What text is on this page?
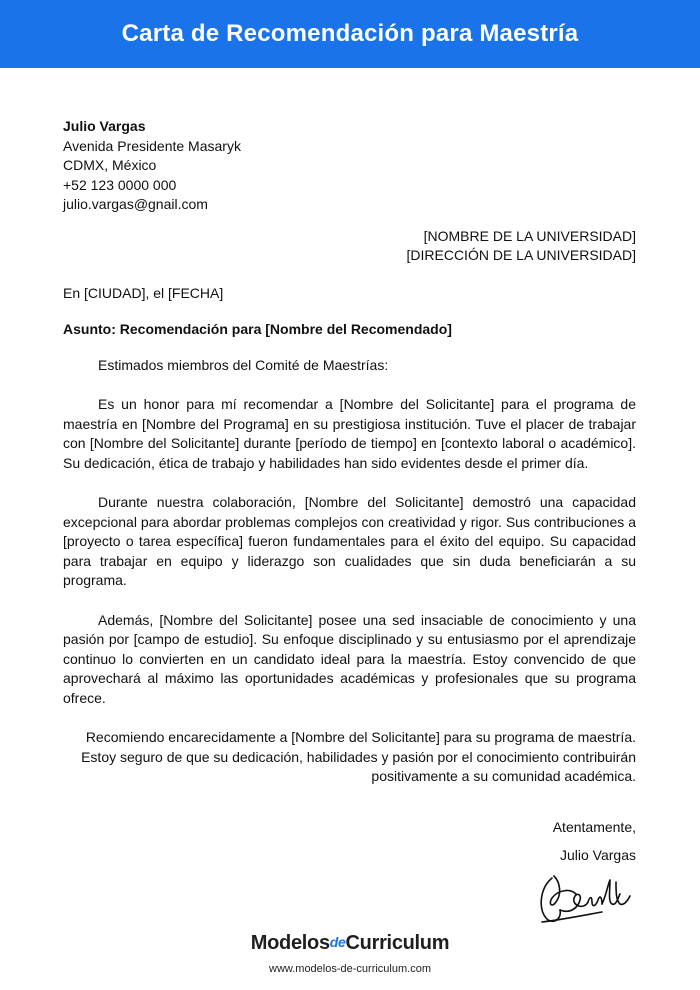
Carta de Recomendación para Maestría
Julio Vargas
Avenida Presidente Masaryk
CDMX, México
+52 123 0000 000
julio.vargas@gnail.com
[NOMBRE DE LA UNIVERSIDAD]
[DIRECCIÓN DE LA UNIVERSIDAD]
En [CIUDAD], el [FECHA]
Asunto: Recomendación para [Nombre del Recomendado]
Estimados miembros del Comité de Maestrías:

Es un honor para mí recomendar a [Nombre del Solicitante] para el programa de maestría en [Nombre del Programa] en su prestigiosa institución. Tuve el placer de trabajar con [Nombre del Solicitante] durante [período de tiempo] en [contexto laboral o académico]. Su dedicación, ética de trabajo y habilidades han sido evidentes desde el primer día.

Durante nuestra colaboración, [Nombre del Solicitante] demostró una capacidad excepcional para abordar problemas complejos con creatividad y rigor. Sus contribuciones a [proyecto o tarea específica] fueron fundamentales para el éxito del equipo. Su capacidad para trabajar en equipo y liderazgo son cualidades que sin duda beneficiarán a su programa.

Además, [Nombre del Solicitante] posee una sed insaciable de conocimiento y una pasión por [campo de estudio]. Su enfoque disciplinado y su entusiasmo por el aprendizaje continuo lo convierten en un candidato ideal para la maestría. Estoy convencido de que aprovechará al máximo las oportunidades académicas y profesionales que su programa ofrece.

Recomiendo encarecidamente a [Nombre del Solicitante] para su programa de maestría. Estoy seguro de que su dedicación, habilidades y pasión por el conocimiento contribuirán positivamente a su comunidad académica.

Atentamente,
Julio Vargas
ModelosdeCurriculum
www.modelos-de-curriculum.com
